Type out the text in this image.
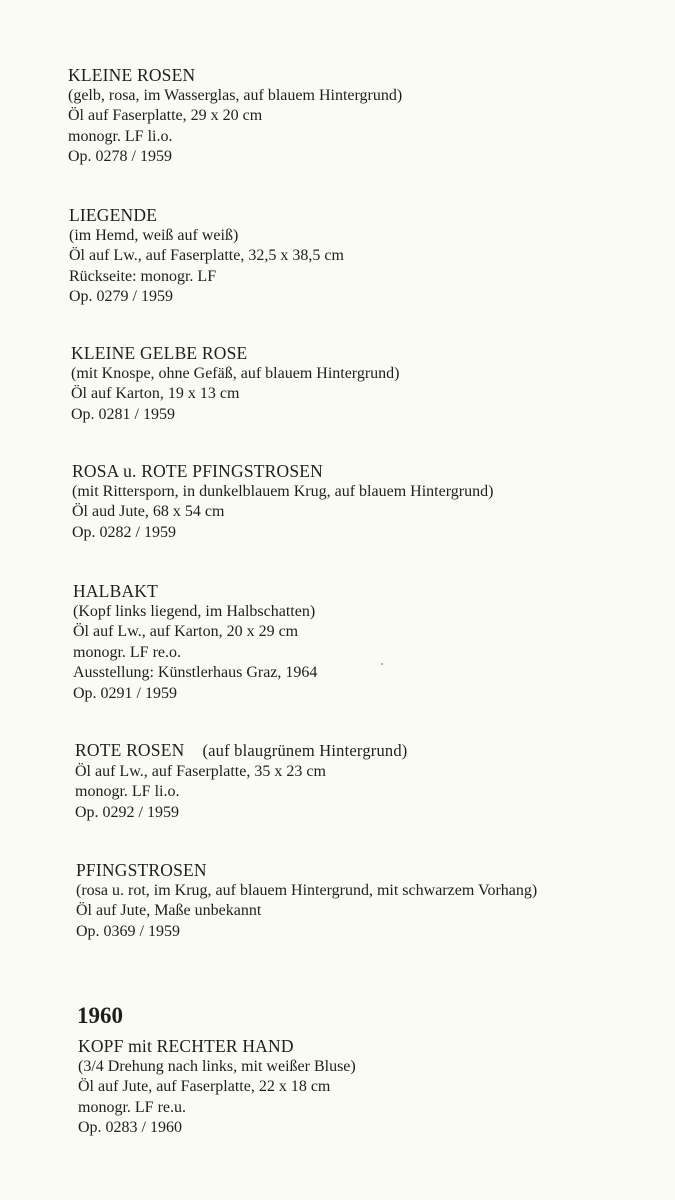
KLEINE ROSEN
(gelb, rosa, im Wasserglas, auf blauem Hintergrund)
Öl auf Faserplatte, 29 x 20 cm
monogr. LF li.o.
Op. 0278 / 1959
LIEGENDE
(im Hemd, weiß auf weiß)
Öl auf Lw., auf Faserplatte, 32,5 x 38,5 cm
Rückseite: monogr. LF
Op. 0279 / 1959
KLEINE GELBE ROSE
(mit Knospe, ohne Gefäß, auf blauem Hintergrund)
Öl auf Karton, 19 x 13 cm
Op. 0281 / 1959
ROSA u. ROTE PFINGSTROSEN
(mit Rittersporn, in dunkelblauem Krug, auf blauem Hintergrund)
Öl aud Jute, 68 x 54 cm
Op. 0282 / 1959
HALBAKT
(Kopf links liegend, im Halbschatten)
Öl auf Lw., auf Karton, 20 x 29 cm
monogr. LF re.o.
Ausstellung: Künstlerhaus Graz, 1964
Op. 0291 / 1959
ROTE ROSEN (auf blaugrünem Hintergrund)
Öl auf Lw., auf Faserplatte, 35 x 23 cm
monogr. LF li.o.
Op. 0292 / 1959
PFINGSTROSEN
(rosa u. rot, im Krug, auf blauem Hintergrund, mit schwarzem Vorhang)
Öl auf Jute, Maße unbekannt
Op. 0369 / 1959
1960
KOPF mit RECHTER HAND
(3/4 Drehung nach links, mit weißer Bluse)
Öl auf Jute, auf Faserplatte, 22 x 18 cm
monogr. LF re.u.
Op. 0283 / 1960
